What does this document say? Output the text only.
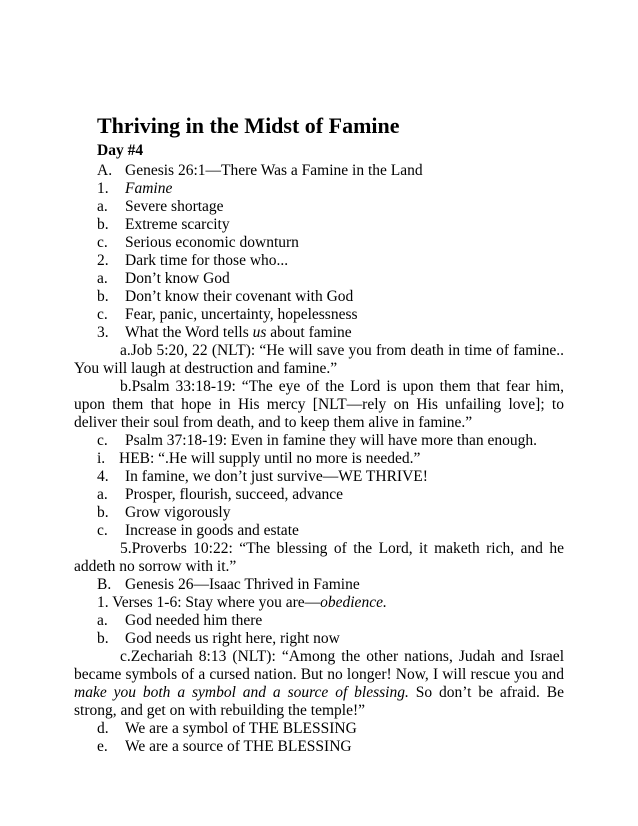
Thriving in the Midst of Famine
Day #4
A. Genesis 26:1—There Was a Famine in the Land
1. Famine
a. Severe shortage
b. Extreme scarcity
c. Serious economic downturn
2. Dark time for those who...
a. Don’t know God
b. Don’t know their covenant with God
c. Fear, panic, uncertainty, hopelessness
3. What the Word tells us about famine
a.Job 5:20, 22 (NLT): “He will save you from death in time of famine.. You will laugh at destruction and famine.”
b.Psalm 33:18-19: “The eye of the Lord is upon them that fear him, upon them that hope in His mercy [NLT—rely on His unfailing love]; to deliver their soul from death, and to keep them alive in famine.”
c. Psalm 37:18-19: Even in famine they will have more than enough.
i. HEB: “.He will supply until no more is needed.”
4. In famine, we don’t just survive—WE THRIVE!
a. Prosper, flourish, succeed, advance
b. Grow vigorously
c. Increase in goods and estate
5.Proverbs 10:22: “The blessing of the Lord, it maketh rich, and he addeth no sorrow with it.”
B. Genesis 26—Isaac Thrived in Famine
1. Verses 1-6: Stay where you are—obedience.
a. God needed him there
b. God needs us right here, right now
c.Zechariah 8:13 (NLT): “Among the other nations, Judah and Israel became symbols of a cursed nation. But no longer! Now, I will rescue you and make you both a symbol and a source of blessing. So don’t be afraid. Be strong, and get on with rebuilding the temple!”
d. We are a symbol of THE BLESSING
e. We are a source of THE BLESSING
